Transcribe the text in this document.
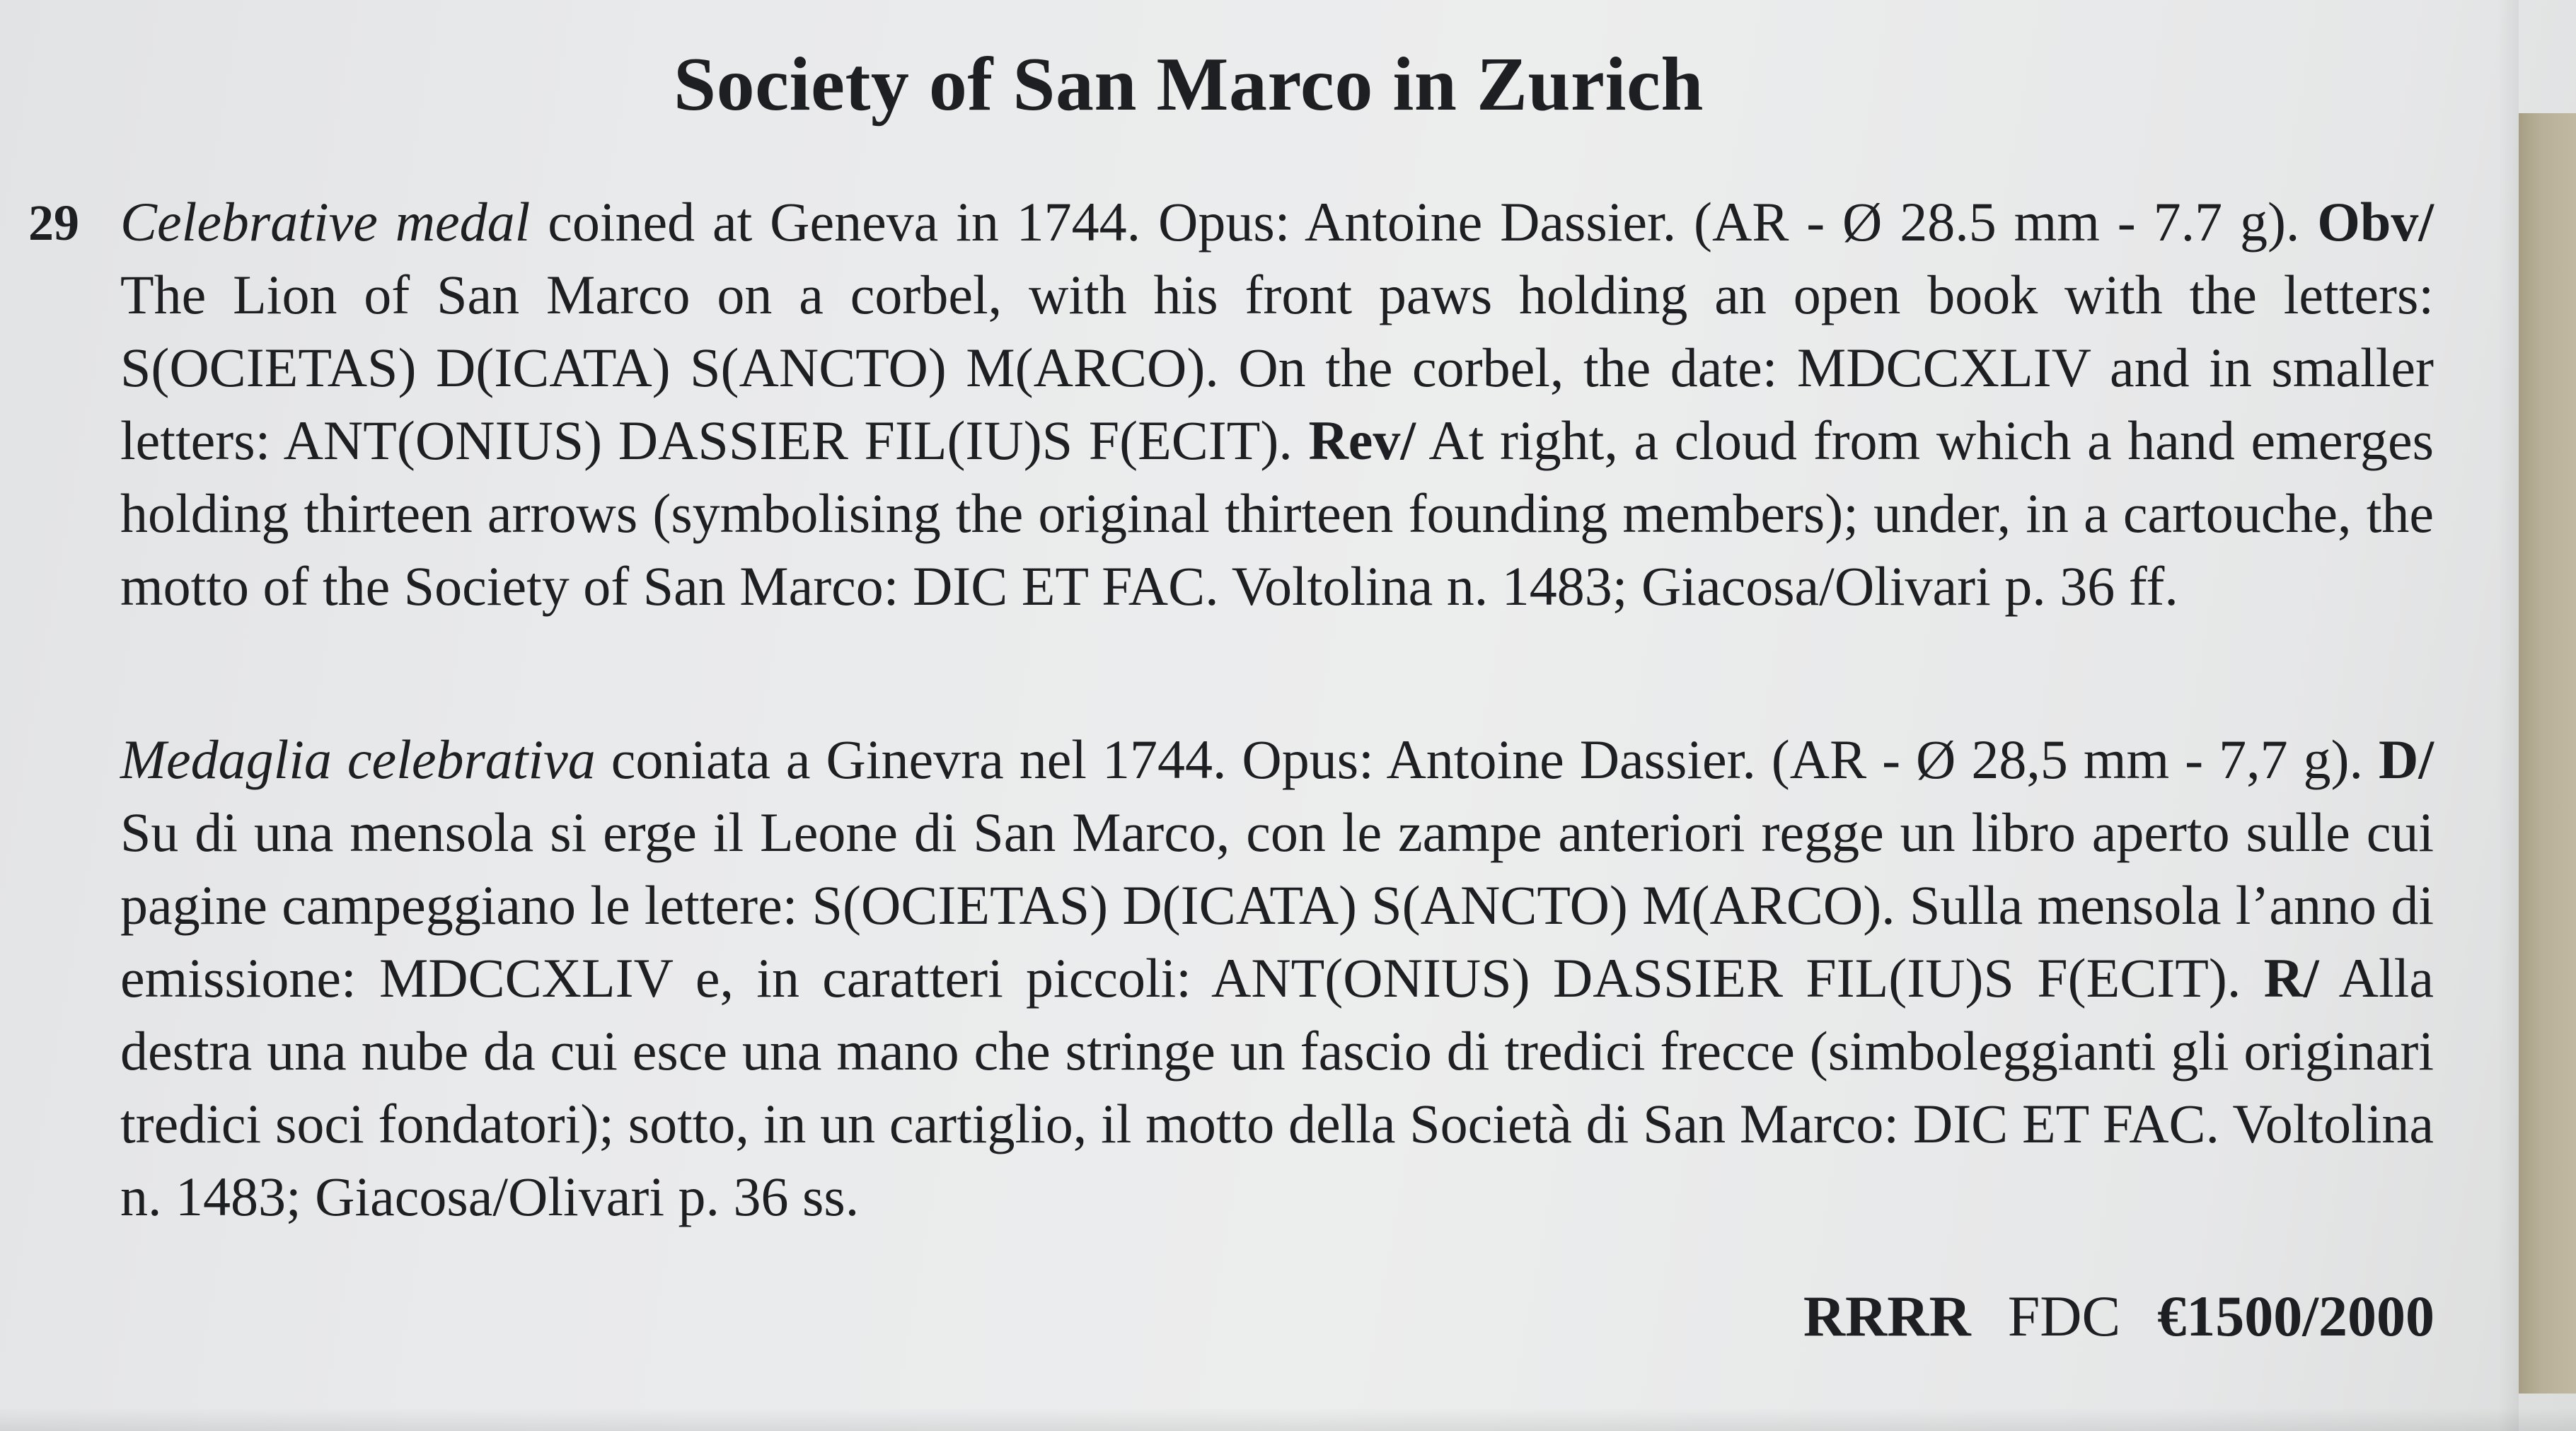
Society of San Marco in Zurich
29 Celebrative medal coined at Geneva in 1744. Opus: Antoine Dassier. (AR - Ø 28.5 mm - 7.7 g). Obv/ The Lion of San Marco on a corbel, with his front paws holding an open book with the letters: S(OCIETAS) D(ICATA) S(ANCTO) M(ARCO). On the corbel, the date: MDCCXLIV and in smaller letters: ANT(ONIUS) DASSIER FIL(IU)S F(ECIT). Rev/ At right, a cloud from which a hand emerges holding thirteen arrows (symbolising the original thirteen founding members); under, in a cartouche, the motto of the Society of San Marco: DIC ET FAC. Voltolina n. 1483; Giacosa/Olivari p. 36 ff.

Medaglia celebrativa coniata a Ginevra nel 1744. Opus: Antoine Dassier. (AR - Ø 28,5 mm - 7,7 g). D/ Su di una mensola si erge il Leone di San Marco, con le zampe anteriori regge un libro aperto sulle cui pagine campeggiano le lettere: S(OCIETAS) D(ICATA) S(ANCTO) M(ARCO). Sulla mensola l’anno di emissione: MDCCXLIV e, in caratteri piccoli: ANT(ONIUS) DASSIER FIL(IU)S F(ECIT). R/ Alla destra una nube da cui esce una mano che stringe un fascio di tredici frecce (simboleggianti gli originari tredici soci fondatori); sotto, in un cartiglio, il motto della Società di San Marco: DIC ET FAC. Voltolina n. 1483; Giacosa/Olivari p. 36 ss.

RRRR FDC €1500/2000
